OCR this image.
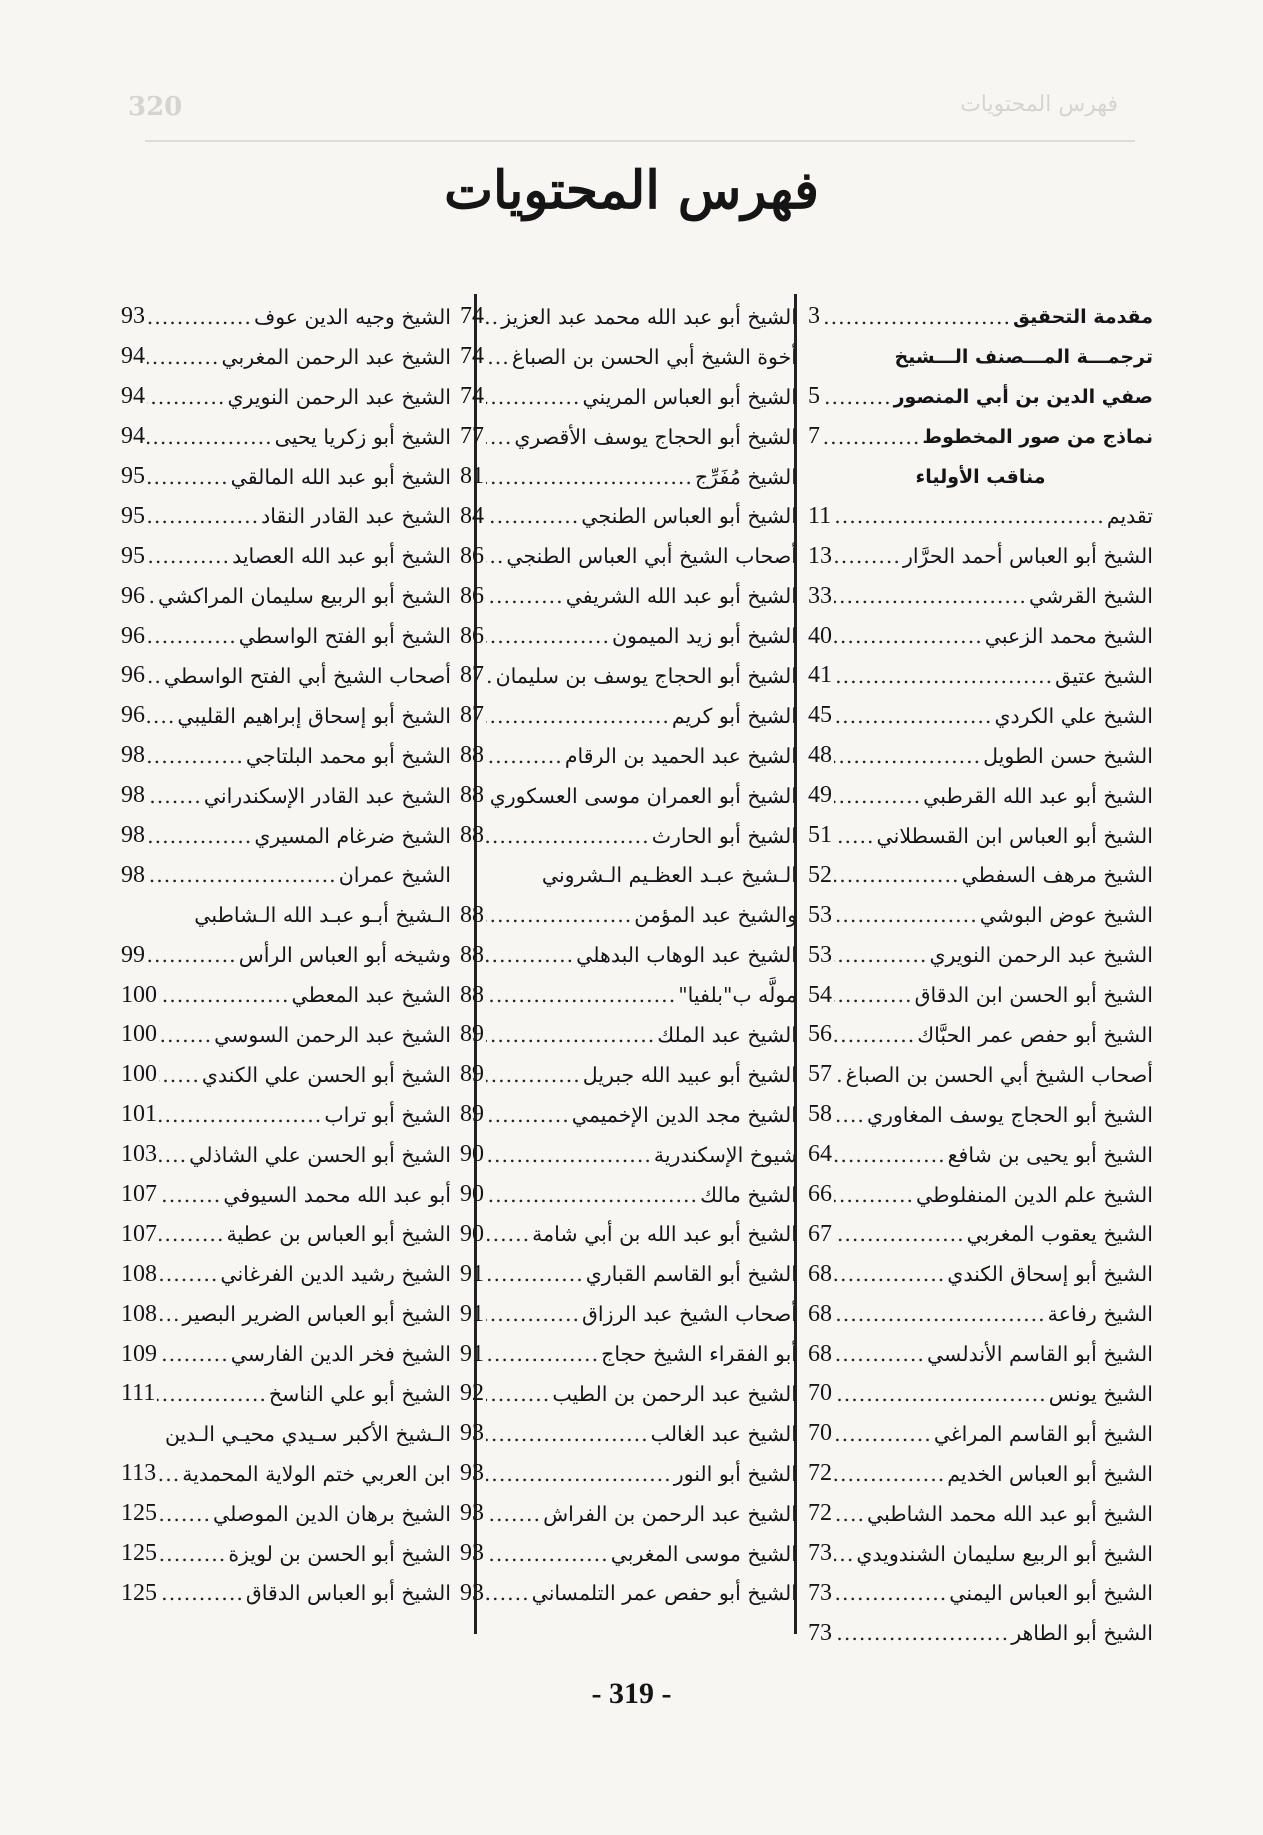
320	فهرس المحتويات
فهرس المحتويات
مقدمة التحقيق
.....
3
ترجمـــة المـــصنف الـــشيخ
صفي الدين بن أبي المنصور
.....
5
نماذج من صور المخطوط
.....
7
مناقب الأولياء
تقديم
.....
11
الشيخ أبو العباس أحمد الحرَّار
.....
13
الشيخ القرشي
.....
33
الشيخ محمد الزعبي
.....
40
الشيخ عتيق
.....
41
الشيخ علي الكردي
.....
45
الشيخ حسن الطويل
.....
48
الشيخ أبو عبد الله القرطبي
.....
49
الشيخ أبو العباس ابن القسطلاني
.....
51
الشيخ مرهف السفطي
.....
52
الشيخ عوض البوشي
.....
53
الشيخ عبد الرحمن النويري
.....
53
الشيخ أبو الحسن ابن الدقاق
.....
54
الشيخ أبو حفص عمر الحبَّاك
.....
56
أصحاب الشيخ أبي الحسن بن الصباغ
.....
57
الشيخ أبو الحجاج يوسف المغاوري
.....
58
الشيخ أبو يحيى بن شافع
.....
64
الشيخ علم الدين المنفلوطي
.....
66
الشيخ يعقوب المغربي
.....
67
الشيخ أبو إسحاق الكندي
.....
68
الشيخ رفاعة
.....
68
الشيخ أبو القاسم الأندلسي
.....
68
الشيخ يونس
.....
70
الشيخ أبو القاسم المراغي
.....
70
الشيخ أبو العباس الخديم
.....
72
الشيخ أبو عبد الله محمد الشاطبي
.....
72
الشيخ أبو الربيع سليمان الشندويدي
.....
73
الشيخ أبو العباس اليمني
.....
73
الشيخ أبو الطاهر
.....
73
الشيخ أبو عبد الله محمد عبد العزيز
.....
74
أخوة الشيخ أبي الحسن بن الصباغ
.....
74
الشيخ أبو العباس المريني
.....
74
الشيخ أبو الحجاج يوسف الأقصري
.....
77
الشيخ مُفَرِّج
.....
81
الشيخ أبو العباس الطنجي
.....
84
أصحاب الشيخ أبي العباس الطنجي
.....
86
الشيخ أبو عبد الله الشريفي
.....
86
الشيخ أبو زيد الميمون
.....
86
الشيخ أبو الحجاج يوسف بن سليمان
.....
87
الشيخ أبو كريم
.....
87
الشيخ عبد الحميد بن الرقام
.....
88
الشيخ أبو العمران موسى العسكوري
.....
88
الشيخ أبو الحارث
.....
88
الـشيخ عبـد العظـيم الـشروني
والشيخ عبد المؤمن
.....
88
الشيخ عبد الوهاب البدهلي
.....
88
مولَّه ب"بلفيا"
.....
88
الشيخ عبد الملك
.....
89
الشيخ أبو عبيد الله جبريل
.....
89
الشيخ مجد الدين الإخميمي
.....
89
شيوخ الإسكندرية
.....
90
الشيخ مالك
.....
90
الشيخ أبو عبد الله بن أبي شامة
.....
90
الشيخ أبو القاسم القباري
.....
91
أصحاب الشيخ عبد الرزاق
.....
91
أبو الفقراء الشيخ حجاج
.....
91
الشيخ عبد الرحمن بن الطيب
.....
92
الشيخ عبد الغالب
.....
93
الشيخ أبو النور
.....
93
الشيخ عبد الرحمن بن الفراش
.....
93
الشيخ موسى المغربي
.....
93
الشيخ أبو حفص عمر التلمساني
.....
93
الشيخ وجيه الدين عوف
.....
93
الشيخ عبد الرحمن المغربي
.....
94
الشيخ عبد الرحمن النويري
.....
94
الشيخ أبو زكريا يحيى
.....
94
الشيخ أبو عبد الله المالقي
.....
95
الشيخ عبد القادر النقاد
.....
95
الشيخ أبو عبد الله العصايد
.....
95
الشيخ أبو الربيع سليمان المراكشي
.....
96
الشيخ أبو الفتح الواسطي
.....
96
أصحاب الشيخ أبي الفتح الواسطي
.....
96
الشيخ أبو إسحاق إبراهيم القليبي
.....
96
الشيخ أبو محمد البلتاجي
.....
98
الشيخ عبد القادر الإسكندراني
.....
98
الشيخ ضرغام المسيري
.....
98
الشيخ عمران
.....
98
الـشيخ أبـو عبـد الله الـشاطبي
وشيخه أبو العباس الرأس
.....
99
الشيخ عبد المعطي
.....
100
الشيخ عبد الرحمن السوسي
.....
100
الشيخ أبو الحسن علي الكندي
.....
100
الشيخ أبو تراب
.....
101
الشيخ أبو الحسن علي الشاذلي
.....
103
أبو عبد الله محمد السيوفي
.....
107
الشيخ أبو العباس بن عطية
.....
107
الشيخ رشيد الدين الفرغاني
.....
108
الشيخ أبو العباس الضرير البصير
.....
108
الشيخ فخر الدين الفارسي
.....
109
الشيخ أبو علي الناسخ
.....
111
الـشيخ الأكبر سـيدي محيـي الـدين
ابن العربي ختم الولاية المحمدية
.....
113
الشيخ برهان الدين الموصلي
.....
125
الشيخ أبو الحسن بن لويزة
.....
125
الشيخ أبو العباس الدقاق
.....
125
- 319 -
